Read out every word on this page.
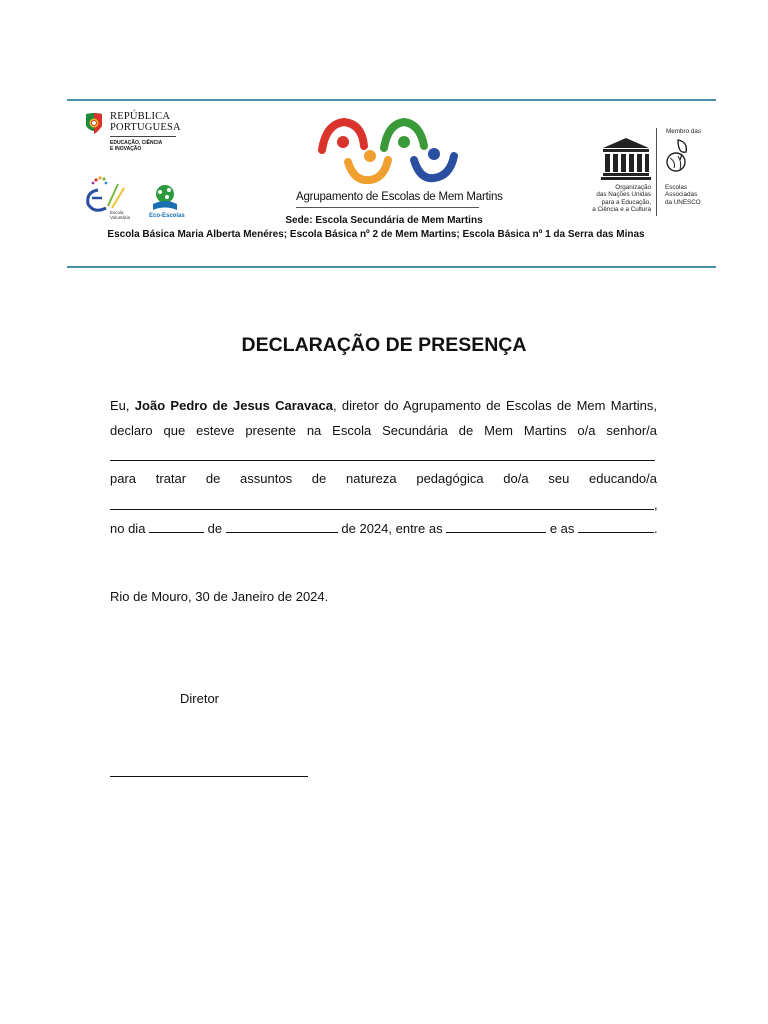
REPÚBLICA
PORTUGUESA
EDUCAÇÃO, CIÊNCIA
E INOVAÇÃO
Escola
Voluntária	Eco-Escolas
Agrupamento de Escolas de Mem Martins
Sede: Escola Secundária de Mem Martins
Escola Básica Maria Alberta Menéres; Escola Básica nº 2 de Mem Martins; Escola Básica nº 1 da Serra das Minas
Organização
das Nações Unidas
para a Educação,
a Ciência e a Cultura
Membro das
Escolas
Associadas
da UNESCO
DECLARAÇÃO DE PRESENÇA
Eu, João Pedro de Jesus Caravaca, diretor do Agrupamento de Escolas de Mem Martins,
declaro que esteve presente na Escola Secundária de Mem Martins o/a senhor/a
para tratar de assuntos de natureza pedagógica do/a seu educando/a
,
no dia	de	de 2024, entre as	e as	.
Rio de Mouro, 30 de Janeiro de 2024.
Diretor
